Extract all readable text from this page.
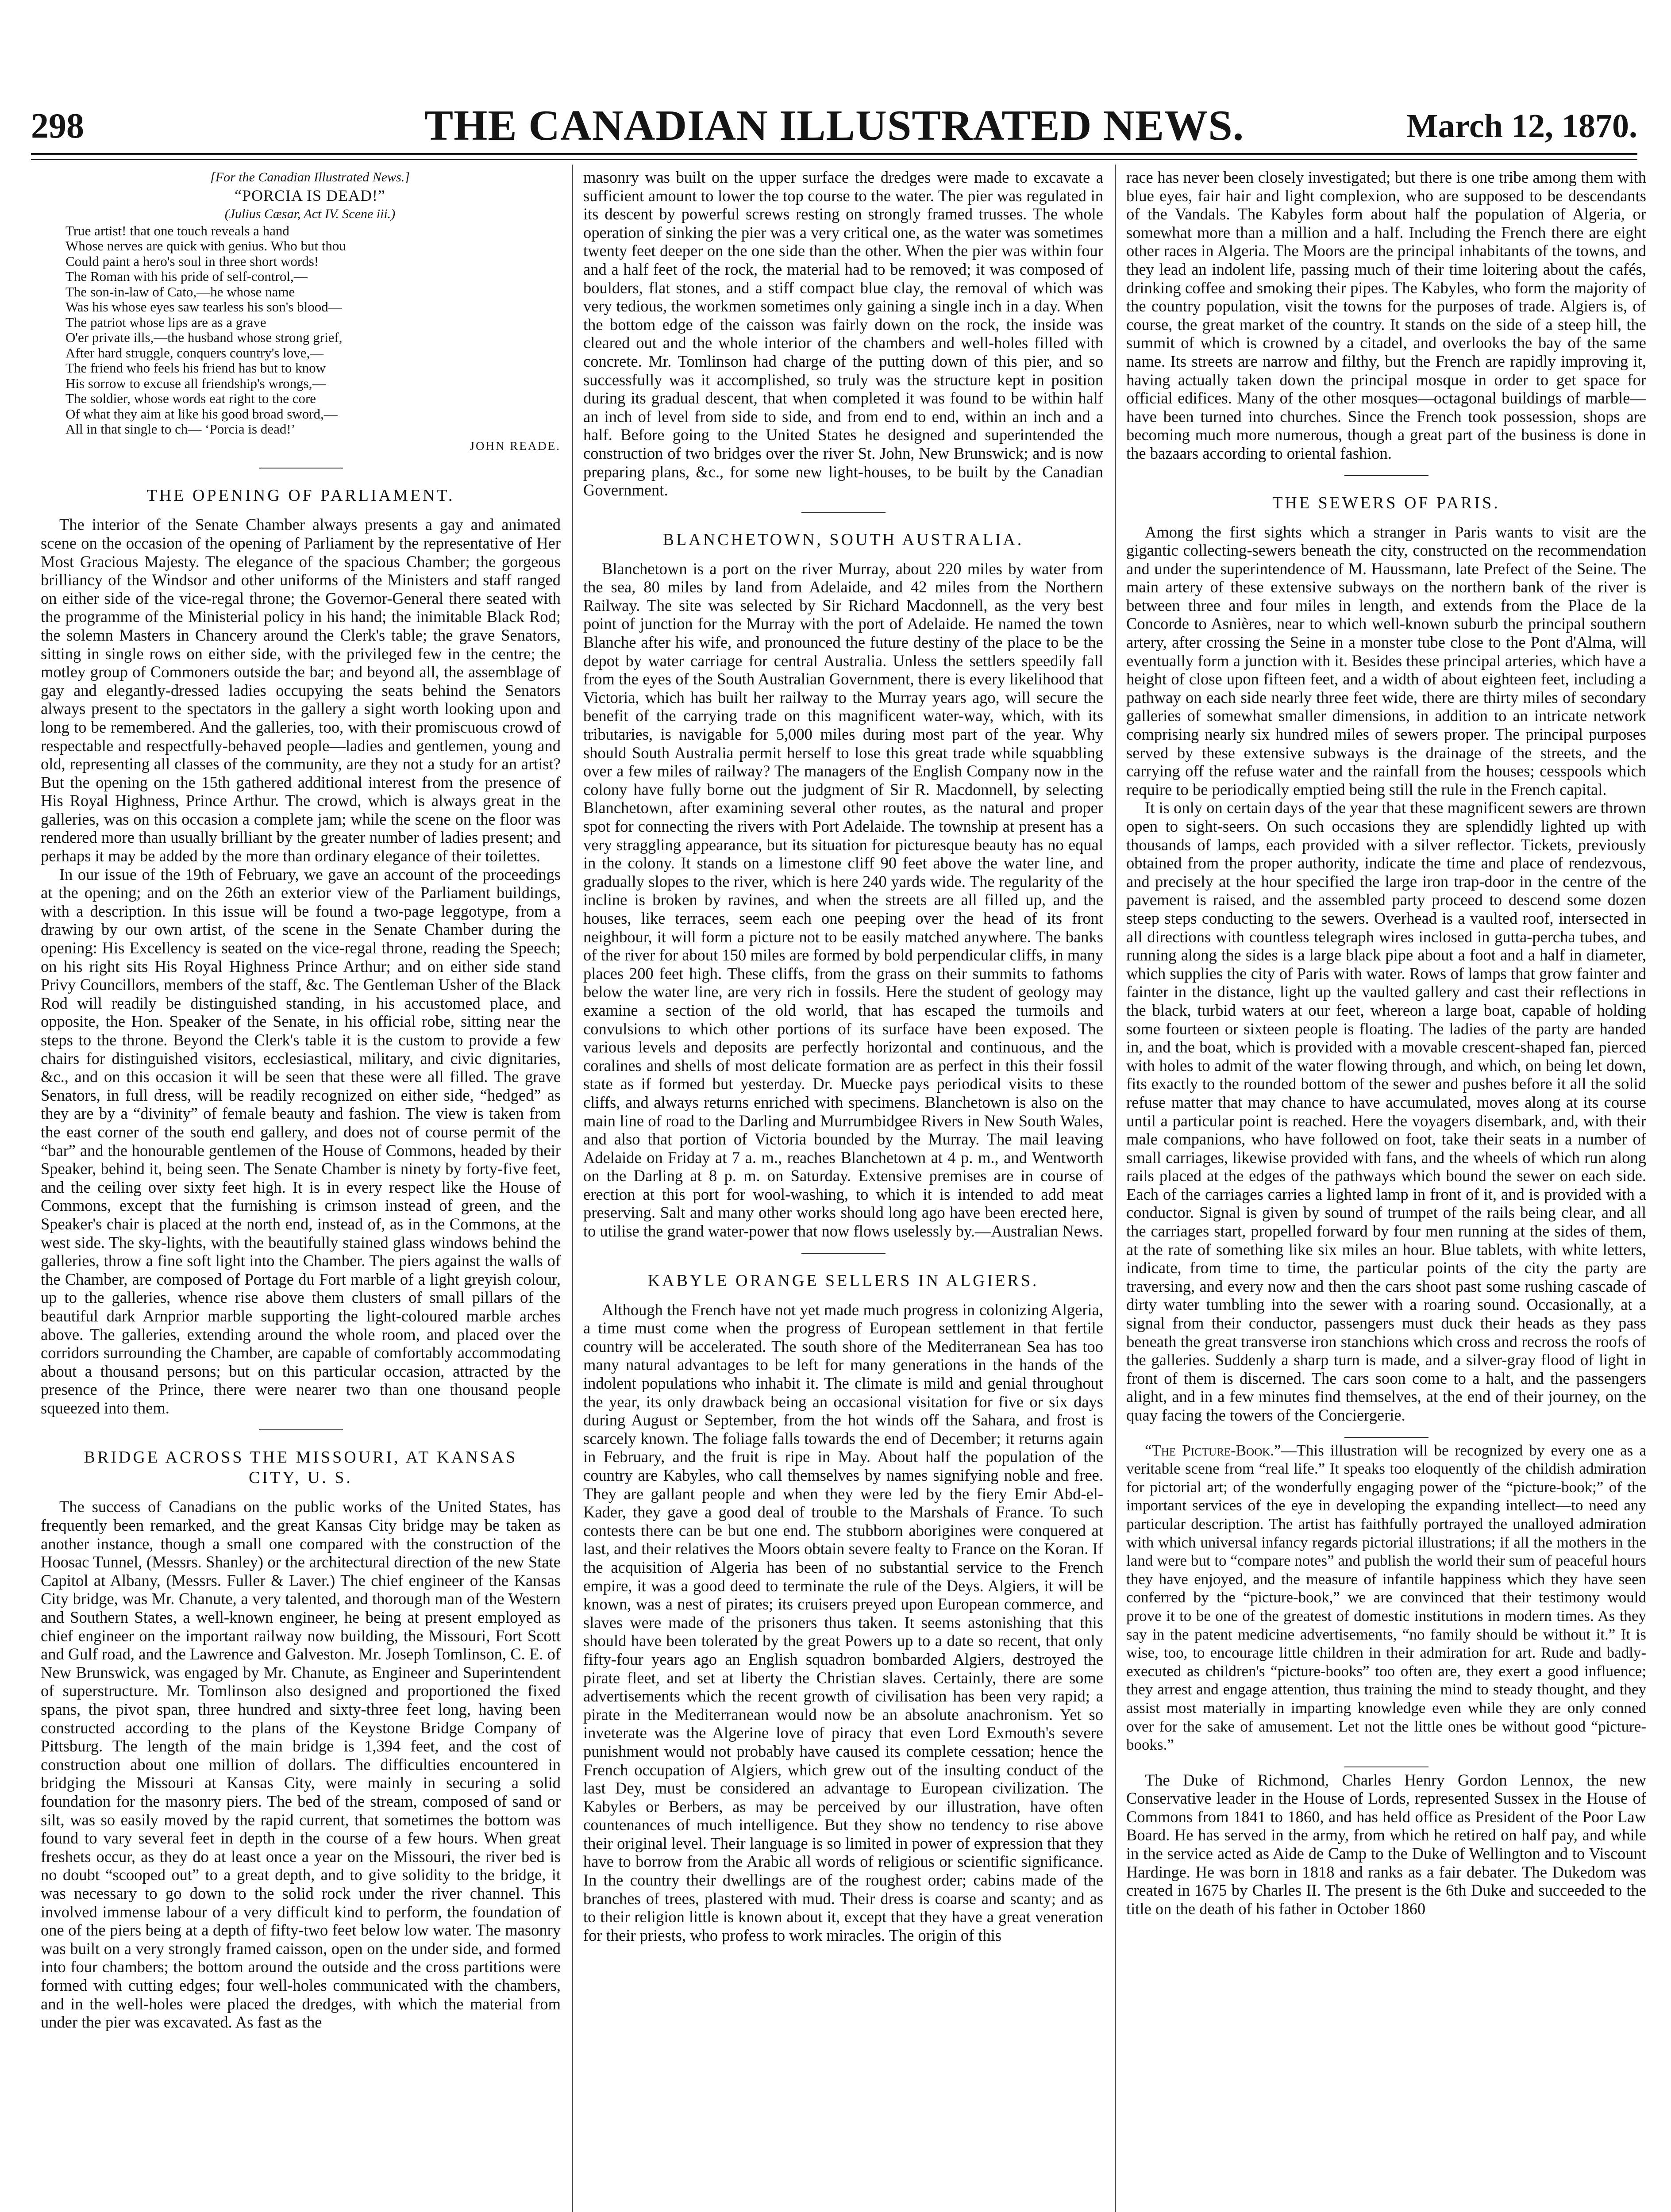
298	THE CANADIAN ILLUSTRATED NEWS.	March 12, 1870.

[For the Canadian Illustrated News.]

“PORCIA IS DEAD!”

(Julius Cæsar, Act IV. Scene iii.)

True artist! that one touch reveals a hand
Whose nerves are quick with genius. Who but thou
Could paint a hero's soul in three short words!
The Roman with his pride of self-control,—
The son-in-law of Cato,—he whose name
Was his whose eyes saw tearless his son's blood—
The patriot whose lips are as a grave
O'er private ills,—the husband whose strong grief,
After hard struggle, conquers country's love,—
The friend who feels his friend has but to know
His sorrow to excuse all friendship's wrongs,—
The soldier, whose words eat right to the core
Of what they aim at like his good broad sword,—
All in that single to ch— ‘Porcia is dead!’

JOHN READE.

THE OPENING OF PARLIAMENT.

The interior of the Senate Chamber always presents a gay and animated scene on the occasion of the opening of Parliament by the representative of Her Most Gracious Majesty. The elegance of the spacious Chamber; the gorgeous brilliancy of the Windsor and other uniforms of the Ministers and staff ranged on either side of the vice-regal throne; the Governor-General there seated with the programme of the Ministerial policy in his hand; the inimitable Black Rod; the solemn Masters in Chancery around the Clerk's table; the grave Senators, sitting in single rows on either side, with the privileged few in the centre; the motley group of Commoners outside the bar; and beyond all, the assemblage of gay and elegantly-dressed ladies occupying the seats behind the Senators always present to the spectators in the gallery a sight worth looking upon and long to be remembered. And the galleries, too, with their promiscuous crowd of respectable and respectfully-behaved people—ladies and gentlemen, young and old, representing all classes of the community, are they not a study for an artist? But the opening on the 15th gathered additional interest from the presence of His Royal Highness, Prince Arthur. The crowd, which is always great in the galleries, was on this occasion a complete jam; while the scene on the floor was rendered more than usually brilliant by the greater number of ladies present; and perhaps it may be added by the more than ordinary elegance of their toilettes.

In our issue of the 19th of February, we gave an account of the proceedings at the opening; and on the 26th an exterior view of the Parliament buildings, with a description. In this issue will be found a two-page leggotype, from a drawing by our own artist, of the scene in the Senate Chamber during the opening: His Excellency is seated on the vice-regal throne, reading the Speech; on his right sits His Royal Highness Prince Arthur; and on either side stand Privy Councillors, members of the staff, &c. The Gentleman Usher of the Black Rod will readily be distinguished standing, in his accustomed place, and opposite, the Hon. Speaker of the Senate, in his official robe, sitting near the steps to the throne. Beyond the Clerk's table it is the custom to provide a few chairs for distinguished visitors, ecclesiastical, military, and civic dignitaries, &c., and on this occasion it will be seen that these were all filled. The grave Senators, in full dress, will be readily recognized on either side, “hedged” as they are by a “divinity” of female beauty and fashion. The view is taken from the east corner of the south end gallery, and does not of course permit of the “bar” and the honourable gentlemen of the House of Commons, headed by their Speaker, behind it, being seen. The Senate Chamber is ninety by forty-five feet, and the ceiling over sixty feet high. It is in every respect like the House of Commons, except that the furnishing is crimson instead of green, and the Speaker's chair is placed at the north end, instead of, as in the Commons, at the west side. The sky-lights, with the beautifully stained glass windows behind the galleries, throw a fine soft light into the Chamber. The piers against the walls of the Chamber, are composed of Portage du Fort marble of a light greyish colour, up to the galleries, whence rise above them clusters of small pillars of the beautiful dark Arnprior marble supporting the light-coloured marble arches above. The galleries, extending around the whole room, and placed over the corridors surrounding the Chamber, are capable of comfortably accommodating about a thousand persons; but on this particular occasion, attracted by the presence of the Prince, there were nearer two than one thousand people squeezed into them.

BRIDGE ACROSS THE MISSOURI, AT KANSAS
CITY, U. S.

The success of Canadians on the public works of the United States, has frequently been remarked, and the great Kansas City bridge may be taken as another instance, though a small one compared with the construction of the Hoosac Tunnel, (Messrs. Shanley) or the architectural direction of the new State Capitol at Albany, (Messrs. Fuller & Laver.) The chief engineer of the Kansas City bridge, was Mr. Chanute, a very talented, and thorough man of the Western and Southern States, a well-known engineer, he being at present employed as chief engineer on the important railway now building, the Missouri, Fort Scott and Gulf road, and the Lawrence and Galveston. Mr. Joseph Tomlinson, C. E. of New Brunswick, was engaged by Mr. Chanute, as Engineer and Superintendent of superstructure. Mr. Tomlinson also designed and proportioned the fixed spans, the pivot span, three hundred and sixty-three feet long, having been constructed according to the plans of the Keystone Bridge Company of Pittsburg. The length of the main bridge is 1,394 feet, and the cost of construction about one million of dollars. The difficulties encountered in bridging the Missouri at Kansas City, were mainly in securing a solid foundation for the masonry piers. The bed of the stream, composed of sand or silt, was so easily moved by the rapid current, that sometimes the bottom was found to vary several feet in depth in the course of a few hours. When great freshets occur, as they do at least once a year on the Missouri, the river bed is no doubt “scooped out” to a great depth, and to give solidity to the bridge, it was necessary to go down to the solid rock under the river channel. This involved immense labour of a very difficult kind to perform, the foundation of one of the piers being at a depth of fifty-two feet below low water. The masonry was built on a very strongly framed caisson, open on the under side, and formed into four chambers; the bottom around the outside and the cross partitions were formed with cutting edges; four well-holes communicated with the chambers, and in the well-holes were placed the dredges, with which the material from under the pier was excavated. As fast as the

masonry was built on the upper surface the dredges were made to excavate a sufficient amount to lower the top course to the water. The pier was regulated in its descent by powerful screws resting on strongly framed trusses. The whole operation of sinking the pier was a very critical one, as the water was sometimes twenty feet deeper on the one side than the other. When the pier was within four and a half feet of the rock, the material had to be removed; it was composed of boulders, flat stones, and a stiff compact blue clay, the removal of which was very tedious, the workmen sometimes only gaining a single inch in a day. When the bottom edge of the caisson was fairly down on the rock, the inside was cleared out and the whole interior of the chambers and well-holes filled with concrete. Mr. Tomlinson had charge of the putting down of this pier, and so successfully was it accomplished, so truly was the structure kept in position during its gradual descent, that when completed it was found to be within half an inch of level from side to side, and from end to end, within an inch and a half. Before going to the United States he designed and superintended the construction of two bridges over the river St. John, New Brunswick; and is now preparing plans, &c., for some new light-houses, to be built by the Canadian Government.

BLANCHETOWN, SOUTH AUSTRALIA.

Blanchetown is a port on the river Murray, about 220 miles by water from the sea, 80 miles by land from Adelaide, and 42 miles from the Northern Railway. The site was selected by Sir Richard Macdonnell, as the very best point of junction for the Murray with the port of Adelaide. He named the town Blanche after his wife, and pronounced the future destiny of the place to be the depot by water carriage for central Australia. Unless the settlers speedily fall from the eyes of the South Australian Government, there is every likelihood that Victoria, which has built her railway to the Murray years ago, will secure the benefit of the carrying trade on this magnificent water-way, which, with its tributaries, is navigable for 5,000 miles during most part of the year. Why should South Australia permit herself to lose this great trade while squabbling over a few miles of railway? The managers of the English Company now in the colony have fully borne out the judgment of Sir R. Macdonnell, by selecting Blanchetown, after examining several other routes, as the natural and proper spot for connecting the rivers with Port Adelaide. The township at present has a very straggling appearance, but its situation for picturesque beauty has no equal in the colony. It stands on a limestone cliff 90 feet above the water line, and gradually slopes to the river, which is here 240 yards wide. The regularity of the incline is broken by ravines, and when the streets are all filled up, and the houses, like terraces, seem each one peeping over the head of its front neighbour, it will form a picture not to be easily matched anywhere. The banks of the river for about 150 miles are formed by bold perpendicular cliffs, in many places 200 feet high. These cliffs, from the grass on their summits to fathoms below the water line, are very rich in fossils. Here the student of geology may examine a section of the old world, that has escaped the turmoils and convulsions to which other portions of its surface have been exposed. The various levels and deposits are perfectly horizontal and continuous, and the coralines and shells of most delicate formation are as perfect in this their fossil state as if formed but yesterday. Dr. Muecke pays periodical visits to these cliffs, and always returns enriched with specimens. Blanchetown is also on the main line of road to the Darling and Murrumbidgee Rivers in New South Wales, and also that portion of Victoria bounded by the Murray. The mail leaving Adelaide on Friday at 7 a. m., reaches Blanchetown at 4 p. m., and Wentworth on the Darling at 8 p. m. on Saturday. Extensive premises are in course of erection at this port for wool-washing, to which it is intended to add meat preserving. Salt and many other works should long ago have been erected here, to utilise the grand water-power that now flows uselessly by.—Australian News.

KABYLE ORANGE SELLERS IN ALGIERS.

Although the French have not yet made much progress in colonizing Algeria, a time must come when the progress of European settlement in that fertile country will be accelerated. The south shore of the Mediterranean Sea has too many natural advantages to be left for many generations in the hands of the indolent populations who inhabit it. The climate is mild and genial throughout the year, its only drawback being an occasional visitation for five or six days during August or September, from the hot winds off the Sahara, and frost is scarcely known. The foliage falls towards the end of December; it returns again in February, and the fruit is ripe in May. About half the population of the country are Kabyles, who call themselves by names signifying noble and free. They are gallant people and when they were led by the fiery Emir Abd-el-Kader, they gave a good deal of trouble to the Marshals of France. To such contests there can be but one end. The stubborn aborigines were conquered at last, and their relatives the Moors obtain severe fealty to France on the Koran. If the acquisition of Algeria has been of no substantial service to the French empire, it was a good deed to terminate the rule of the Deys. Algiers, it will be known, was a nest of pirates; its cruisers preyed upon European commerce, and slaves were made of the prisoners thus taken. It seems astonishing that this should have been tolerated by the great Powers up to a date so recent, that only fifty-four years ago an English squadron bombarded Algiers, destroyed the pirate fleet, and set at liberty the Christian slaves. Certainly, there are some advertisements which the recent growth of civilisation has been very rapid; a pirate in the Mediterranean would now be an absolute anachronism. Yet so inveterate was the Algerine love of piracy that even Lord Exmouth's severe punishment would not probably have caused its complete cessation; hence the French occupation of Algiers, which grew out of the insulting conduct of the last Dey, must be considered an advantage to European civilization. The Kabyles or Berbers, as may be perceived by our illustration, have often countenances of much intelligence. But they show no tendency to rise above their original level. Their language is so limited in power of expression that they have to borrow from the Arabic all words of religious or scientific significance. In the country their dwellings are of the roughest order; cabins made of the branches of trees, plastered with mud. Their dress is coarse and scanty; and as to their religion little is known about it, except that they have a great veneration for their priests, who profess to work miracles. The origin of this

race has never been closely investigated; but there is one tribe among them with blue eyes, fair hair and light complexion, who are supposed to be descendants of the Vandals. The Kabyles form about half the population of Algeria, or somewhat more than a million and a half. Including the French there are eight other races in Algeria. The Moors are the principal inhabitants of the towns, and they lead an indolent life, passing much of their time loitering about the cafés, drinking coffee and smoking their pipes. The Kabyles, who form the majority of the country population, visit the towns for the purposes of trade. Algiers is, of course, the great market of the country. It stands on the side of a steep hill, the summit of which is crowned by a citadel, and overlooks the bay of the same name. Its streets are narrow and filthy, but the French are rapidly improving it, having actually taken down the principal mosque in order to get space for official edifices. Many of the other mosques—octagonal buildings of marble—have been turned into churches. Since the French took possession, shops are becoming much more numerous, though a great part of the business is done in the bazaars according to oriental fashion.

THE SEWERS OF PARIS.

Among the first sights which a stranger in Paris wants to visit are the gigantic collecting-sewers beneath the city, constructed on the recommendation and under the superintendence of M. Haussmann, late Prefect of the Seine. The main artery of these extensive subways on the northern bank of the river is between three and four miles in length, and extends from the Place de la Concorde to Asnières, near to which well-known suburb the principal southern artery, after crossing the Seine in a monster tube close to the Pont d'Alma, will eventually form a junction with it. Besides these principal arteries, which have a height of close upon fifteen feet, and a width of about eighteen feet, including a pathway on each side nearly three feet wide, there are thirty miles of secondary galleries of somewhat smaller dimensions, in addition to an intricate network comprising nearly six hundred miles of sewers proper. The principal purposes served by these extensive subways is the drainage of the streets, and the carrying off the refuse water and the rainfall from the houses; cesspools which require to be periodically emptied being still the rule in the French capital.

It is only on certain days of the year that these magnificent sewers are thrown open to sight-seers. On such occasions they are splendidly lighted up with thousands of lamps, each provided with a silver reflector. Tickets, previously obtained from the proper authority, indicate the time and place of rendezvous, and precisely at the hour specified the large iron trap-door in the centre of the pavement is raised, and the assembled party proceed to descend some dozen steep steps conducting to the sewers. Overhead is a vaulted roof, intersected in all directions with countless telegraph wires inclosed in gutta-percha tubes, and running along the sides is a large black pipe about a foot and a half in diameter, which supplies the city of Paris with water. Rows of lamps that grow fainter and fainter in the distance, light up the vaulted gallery and cast their reflections in the black, turbid waters at our feet, whereon a large boat, capable of holding some fourteen or sixteen people is floating. The ladies of the party are handed in, and the boat, which is provided with a movable crescent-shaped fan, pierced with holes to admit of the water flowing through, and which, on being let down, fits exactly to the rounded bottom of the sewer and pushes before it all the solid refuse matter that may chance to have accumulated, moves along at its course until a particular point is reached. Here the voyagers disembark, and, with their male companions, who have followed on foot, take their seats in a number of small carriages, likewise provided with fans, and the wheels of which run along rails placed at the edges of the pathways which bound the sewer on each side. Each of the carriages carries a lighted lamp in front of it, and is provided with a conductor. Signal is given by sound of trumpet of the rails being clear, and all the carriages start, propelled forward by four men running at the sides of them, at the rate of something like six miles an hour. Blue tablets, with white letters, indicate, from time to time, the particular points of the city the party are traversing, and every now and then the cars shoot past some rushing cascade of dirty water tumbling into the sewer with a roaring sound. Occasionally, at a signal from their conductor, passengers must duck their heads as they pass beneath the great transverse iron stanchions which cross and recross the roofs of the galleries. Suddenly a sharp turn is made, and a silver-gray flood of light in front of them is discerned. The cars soon come to a halt, and the passengers alight, and in a few minutes find themselves, at the end of their journey, on the quay facing the towers of the Conciergerie.

“The Picture-Book.”—This illustration will be recognized by every one as a veritable scene from “real life.” It speaks too eloquently of the childish admiration for pictorial art; of the wonderfully engaging power of the “picture-book;” of the important services of the eye in developing the expanding intellect—to need any particular description. The artist has faithfully portrayed the unalloyed admiration with which universal infancy regards pictorial illustrations; if all the mothers in the land were but to “compare notes” and publish the world their sum of peaceful hours they have enjoyed, and the measure of infantile happiness which they have seen conferred by the “picture-book,” we are convinced that their testimony would prove it to be one of the greatest of domestic institutions in modern times. As they say in the patent medicine advertisements, “no family should be without it.” It is wise, too, to encourage little children in their admiration for art. Rude and badly-executed as children's “picture-books” too often are, they exert a good influence; they arrest and engage attention, thus training the mind to steady thought, and they assist most materially in imparting knowledge even while they are only conned over for the sake of amusement. Let not the little ones be without good “picture-books.”

The Duke of Richmond, Charles Henry Gordon Lennox, the new Conservative leader in the House of Lords, represented Sussex in the House of Commons from 1841 to 1860, and has held office as President of the Poor Law Board. He has served in the army, from which he retired on half pay, and while in the service acted as Aide de Camp to the Duke of Wellington and to Viscount Hardinge. He was born in 1818 and ranks as a fair debater. The Dukedom was created in 1675 by Charles II. The present is the 6th Duke and succeeded to the title on the death of his father in October 1860
